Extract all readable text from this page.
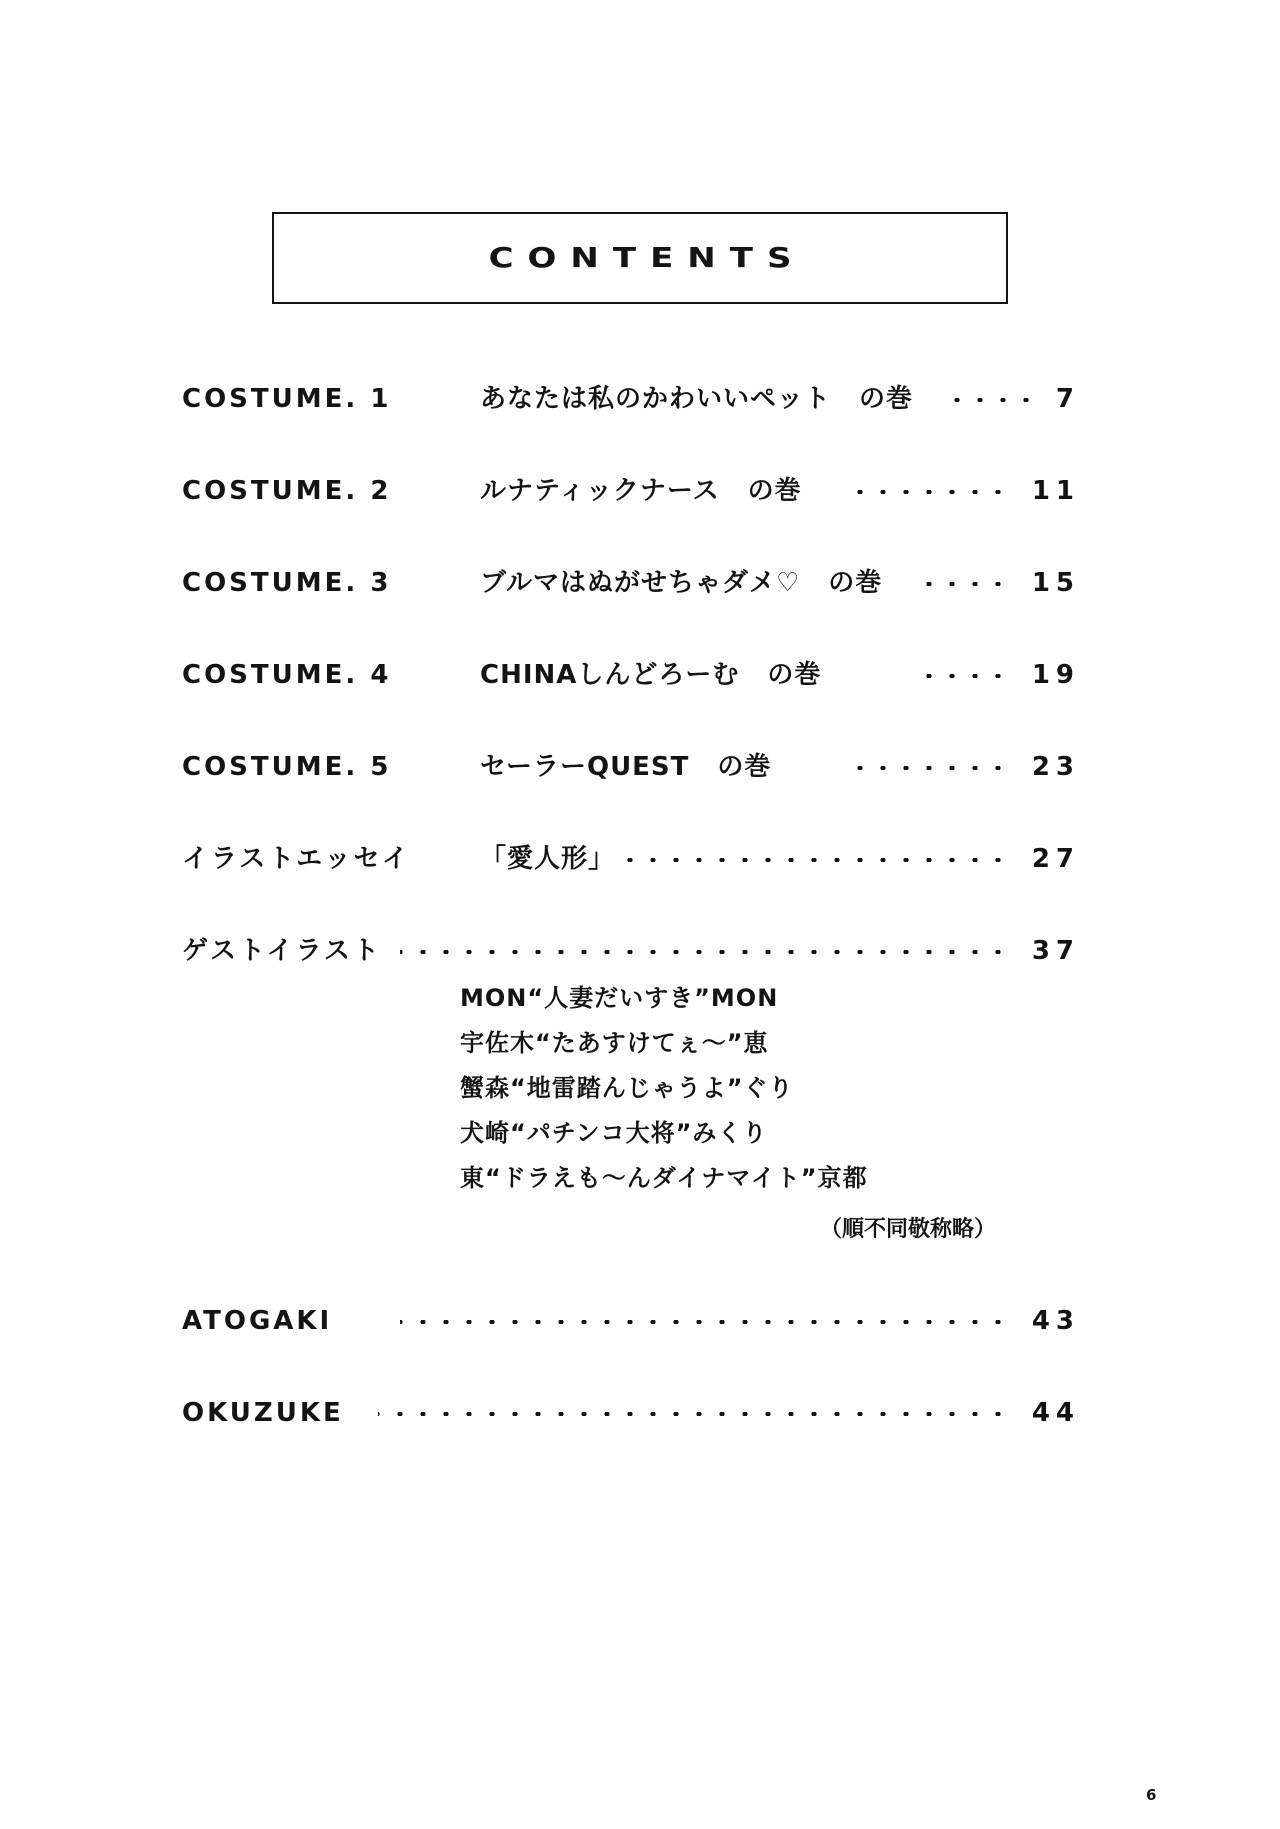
CONTENTS
COSTUME. 1	あなたは私のかわいいペット の巻	7
COSTUME. 2	ルナティックナース の巻	11
COSTUME. 3	ブルマはぬがせちゃダメ♡ の巻	15
COSTUME. 4	CHINAしんどろーむ の巻	19
COSTUME. 5	セーラーQUEST の巻	23
イラストエッセイ	「愛人形」	27
ゲストイラスト	37
MON“人妻だいすき”MON
宇佐木“たあすけてぇ～”恵
蟹森“地雷踏んじゃうよ”ぐり
犬崎“パチンコ大将”みくり
東“ドラえも～んダイナマイト”京都
（順不同敬称略）
ATOGAKI	43
OKUZUKE	44
6
